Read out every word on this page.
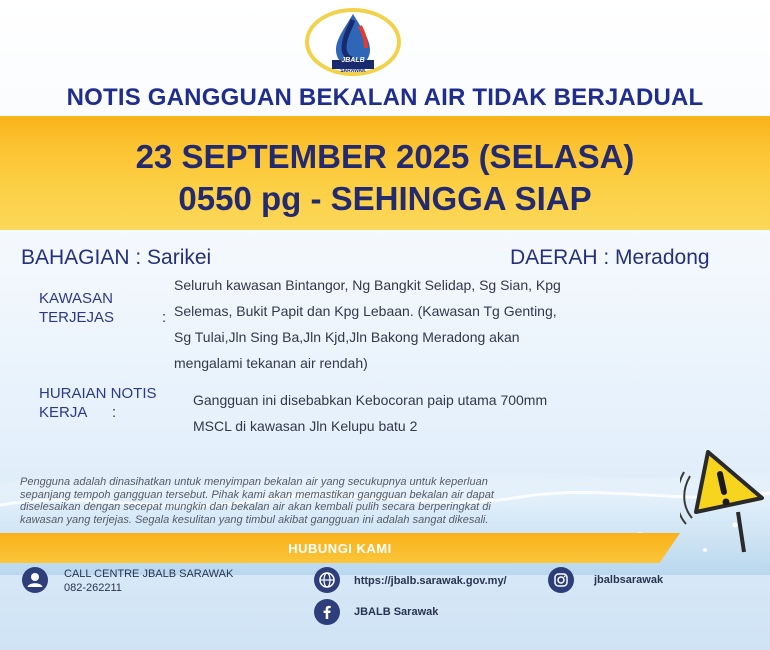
JBALB
SARAWAK
NOTIS GANGGUAN BEKALAN AIR TIDAK BERJADUAL
23 SEPTEMBER 2025 (SELASA)
0550 pg - SEHINGGA SIAP
BAHAGIAN : Sarikei	DAERAH : Meradong
KAWASAN
TERJEJAS	:
Seluruh kawasan Bintangor, Ng Bangkit Selidap, Sg Sian, Kpg
Selemas, Bukit Papit dan Kpg Lebaan. (Kawasan Tg Genting,
Sg Tulai,Jln Sing Ba,Jln Kjd,Jln Bakong Meradong akan
mengalami tekanan air rendah)
HURAIAN NOTIS
KERJA	:
Gangguan ini disebabkan Kebocoran paip utama 700mm
MSCL di kawasan Jln Kelupu batu 2
Pengguna adalah dinasihatkan untuk menyimpan bekalan air yang secukupnya untuk keperluan
sepanjang tempoh gangguan tersebut. Pihak kami akan memastikan gangguan bekalan air dapat
diselesaikan dengan secepat mungkin dan bekalan air akan kembali pulih secara berperingkat di
kawasan yang terjejas. Segala kesulitan yang timbul akibat gangguan ini adalah sangat dikesali.
HUBUNGI KAMI
CALL CENTRE JBALB SARAWAK
082-262211
https://jbalb.sarawak.gov.my/	jbalbsarawak
JBALB Sarawak
